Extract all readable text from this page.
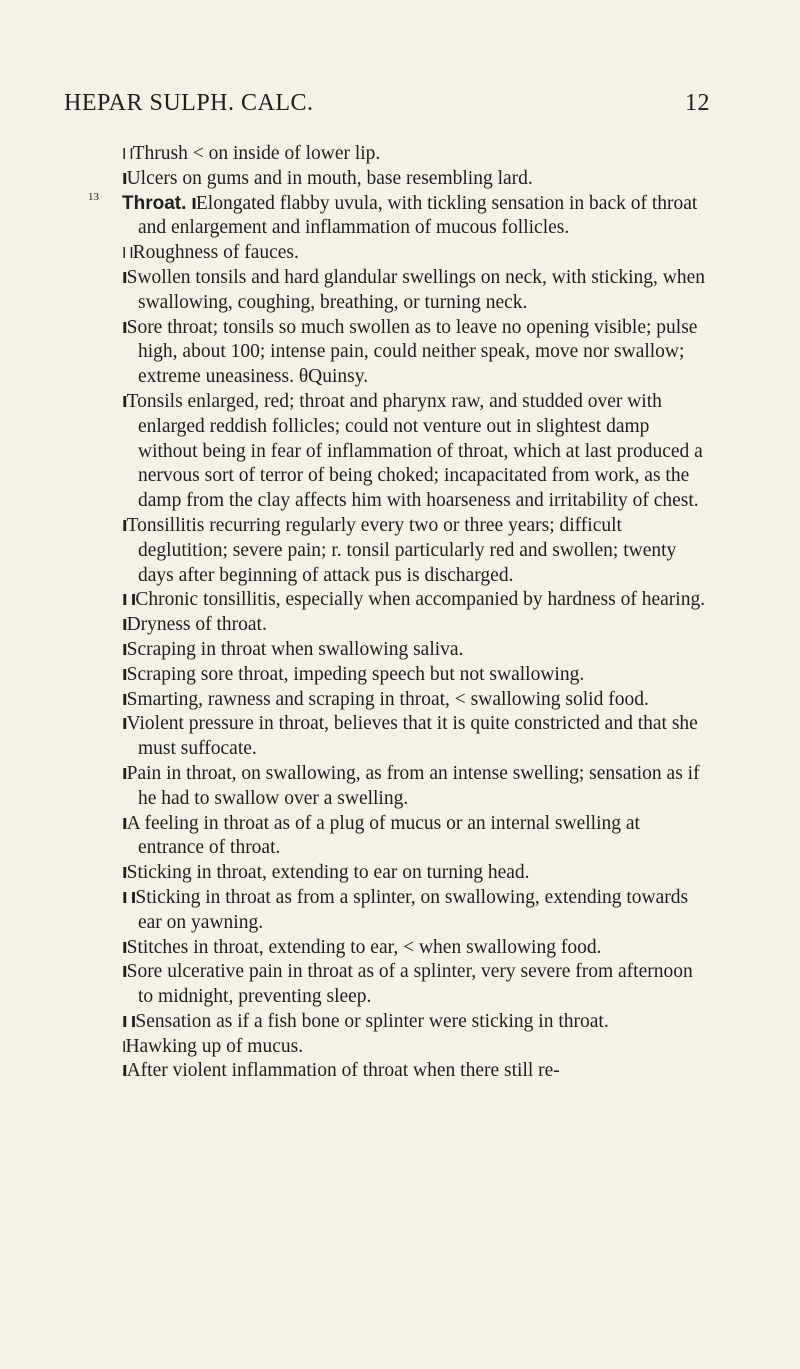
HEPAR SULPH. CALC.	12

I IThrush < on inside of lower lip.

IUlcers on gums and in mouth, base resembling lard.

13 Throat. IElongated flabby uvula, with tickling sensation in back of throat and enlargement and inflammation of mucous follicles.

I IRoughness of fauces.

ISwollen tonsils and hard glandular swellings on neck, with sticking, when swallowing, coughing, breathing, or turning neck.

ISore throat; tonsils so much swollen as to leave no opening visible; pulse high, about 100; intense pain, could neither speak, move nor swallow; extreme uneasiness. θQuinsy.

ITonsils enlarged, red; throat and pharynx raw, and studded over with enlarged reddish follicles; could not venture out in slightest damp without being in fear of inflammation of throat, which at last produced a nervous sort of terror of being choked; incapacitated from work, as the damp from the clay affects him with hoarseness and irritability of chest.

ITonsillitis recurring regularly every two or three years; difficult deglutition; severe pain; r. tonsil particularly red and swollen; twenty days after beginning of attack pus is discharged.

I IChronic tonsillitis, especially when accompanied by hardness of hearing.

IDryness of throat.

IScraping in throat when swallowing saliva.

IScraping sore throat, impeding speech but not swallowing.

ISmarting, rawness and scraping in throat, < swallowing solid food.

IViolent pressure in throat, believes that it is quite constricted and that she must suffocate.

IPain in throat, on swallowing, as from an intense swelling; sensation as if he had to swallow over a swelling.

IA feeling in throat as of a plug of mucus or an internal swelling at entrance of throat.

ISticking in throat, extending to ear on turning head.

I ISticking in throat as from a splinter, on swallowing, extending towards ear on yawning.

IStitches in throat, extending to ear, < when swallowing food.

ISore ulcerative pain in throat as of a splinter, very severe from afternoon to midnight, preventing sleep.

I ISensation as if a fish bone or splinter were sticking in throat.

IHawking up of mucus.

IAfter violent inflammation of throat when there still re-
